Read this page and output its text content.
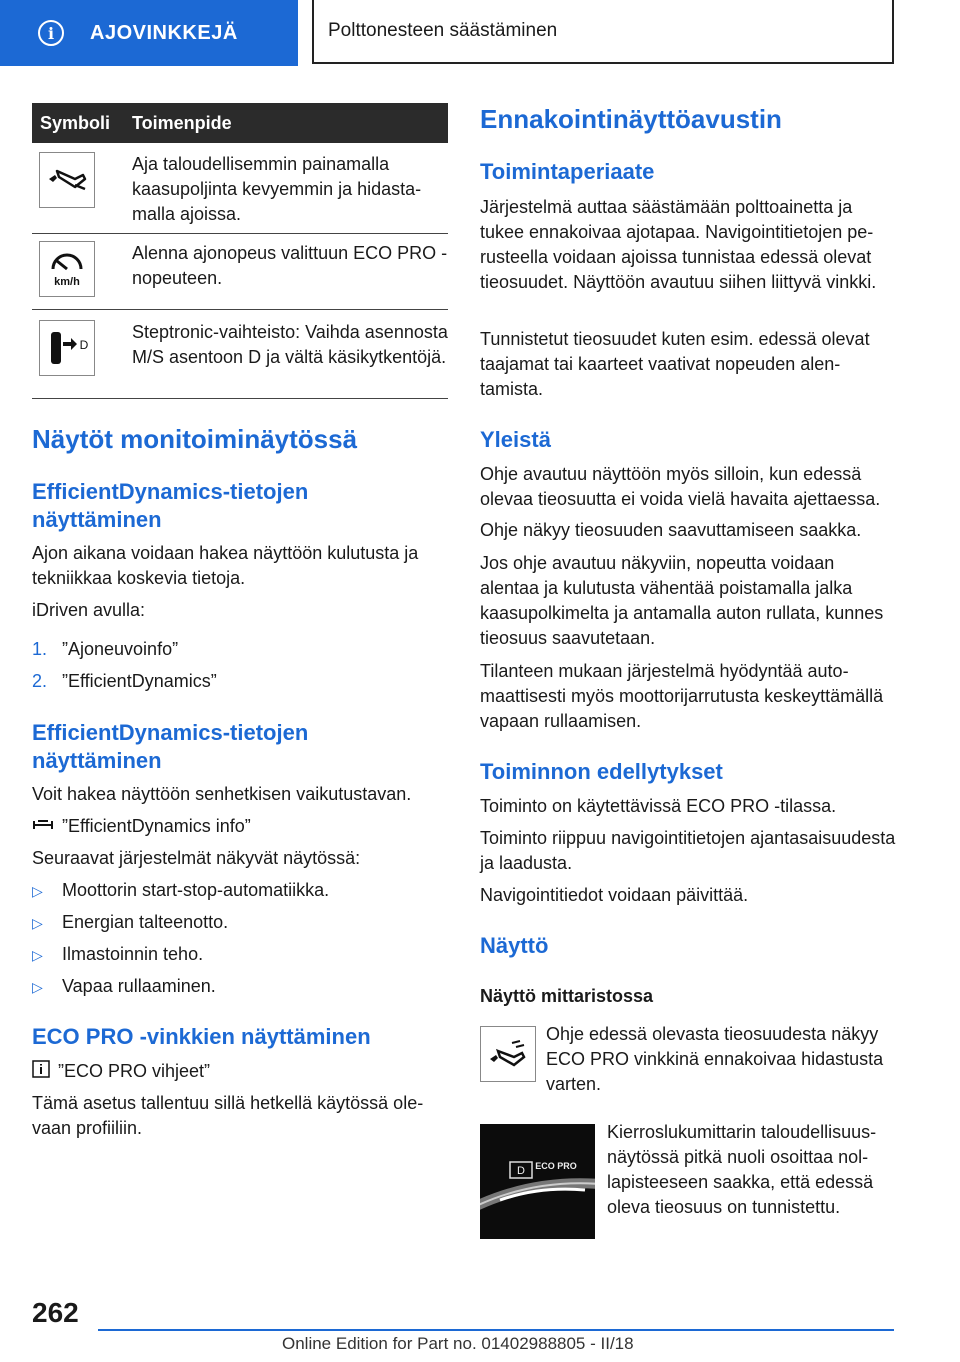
i	AJOVINKKEJÄ	Polttonesteen säästäminen
Symboli	Toimenpide
Aja taloudellisemmin painamalla kaasupoljinta kevyemmin ja hidastamalla ajoissa.
km/h
Alenna ajonopeus valittuun ECO PRO -nopeuteen.
D
Steptronic-vaihteisto: Vaihda asennosta M/S asentoon D ja vältä käsikytkentöjä.
Näytöt monitoiminäytössä
EfficientDynamics-tietojen näyttäminen

Ajon aikana voidaan hakea näyttöön kulutusta ja tekniikkaa koskevia tietoja.

iDriven avulla:

1. ”Ajoneuvoinfo”

2. ”EfficientDynamics”

EfficientDynamics-tietojen näyttäminen

Voit hakea näyttöön senhetkisen vaikutustavan.

”EfficientDynamics info”

Seuraavat järjestelmät näkyvät näytössä:

▷ Moottorin start-stop-automatiikka.

▷ Energian talteenotto.

▷ Ilmastoinnin teho.

▷ Vapaa rullaaminen.

ECO PRO -vinkkien näyttäminen

”ECO PRO vihjeet”

Tämä asetus tallentuu sillä hetkellä käytössä olevaan profiiliin.

Ennakointinäyttöavustin
Toimintaperiaate

Järjestelmä auttaa säästämään polttoainetta ja tukee ennakoivaa ajotapaa. Navigointitietojen perusteella voidaan ajoissa tunnistaa edessä olevat tieosuudet. Näyttöön avautuu siihen liittyvä vinkki.

Tunnistetut tieosuudet kuten esim. edessä olevat taajamat tai kaarteet vaativat nopeuden alentamista.

Yleistä

Ohje avautuu näyttöön myös silloin, kun edessä olevaa tieosuutta ei voida vielä havaita ajettaessa.

Ohje näkyy tieosuuden saavuttamiseen saakka.

Jos ohje avautuu näkyviin, nopeutta voidaan alentaa ja kulutusta vähentää poistamalla jalka kaasupolkimelta ja antamalla auton rullata, kunnes tieosuus saavutetaan.

Tilanteen mukaan järjestelmä hyödyntää automaattisesti myös moottorijarrutusta keskeyttämällä vapaan rullaamisen.

Toiminnon edellytykset

Toiminto on käytettävissä ECO PRO -tilassa.

Toiminto riippuu navigointitietojen ajantasaisuudesta ja laadusta.

Navigointitiedot voidaan päivittää.

Näyttö

Näyttö mittaristossa

Ohje edessä olevasta tieosuudesta näkyy ECO PRO vinkkinä ennakoivaa hidastusta varten.

D ECO PRO

Kierroslukumittarin taloudellisuusnäytössä pitkä nuoli osoittaa nollapisteeseen saakka, että edessä oleva tieosuus on tunnistettu.

262
Online Edition for Part no. 01402988805 - II/18
